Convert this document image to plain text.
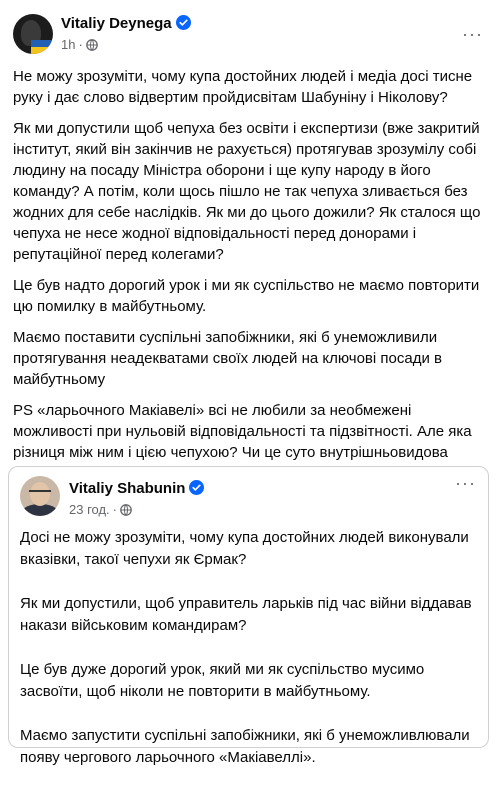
Vitaliy Deynega
1h ·
···

Не можу зрозуміти, чому купа достойних людей і медіа досі тисне руку і дає слово відвертим пройдисвітам Шабуніну і Ніколову?

Як ми допустили щоб чепуха без освіти і експертизи (вже закритий інститут, який він закінчив не рахується) протягував зрозумілу собі людину на посаду Міністра оборони і ще купу народу в його команду? А потім, коли щось пішло не так чепуха зливається без жодних для себе наслідків. Як ми до цього дожили? Як сталося що чепуха не несе жодної відповідальності перед донорами і репутаційної перед колегами?

Це був надто дорогий урок і ми як суспільство не маємо повторити цю помилку в майбутньому.

Маємо поставити суспільні запобіжники, які б унеможливили протягування неадекватами своїх людей на ключові посади в майбутньому

PS «ларьочного Макіавелі» всі не любили за необмежені можливості при нульовій відповідальності та підзвітності. Але яка різниця між ним і цією чепухою? Чи це суто внутрішньовидова

Vitaliy Shabunin
23 год. ·
···

Досі не можу зрозуміти, чому купа достойних людей виконували вказівки, такої чепухи як Єрмак?

Як ми допустили, щоб управитель ларьків під час війни віддавав накази військовим командирам?

Це був дуже дорогий урок, який ми як суспільство мусимо засвоїти, щоб ніколи не повторити в майбутньому.

Маємо запустити суспільні запобіжники, які б унеможливлювали появу чергового ларьочного «Макіавеллі».
